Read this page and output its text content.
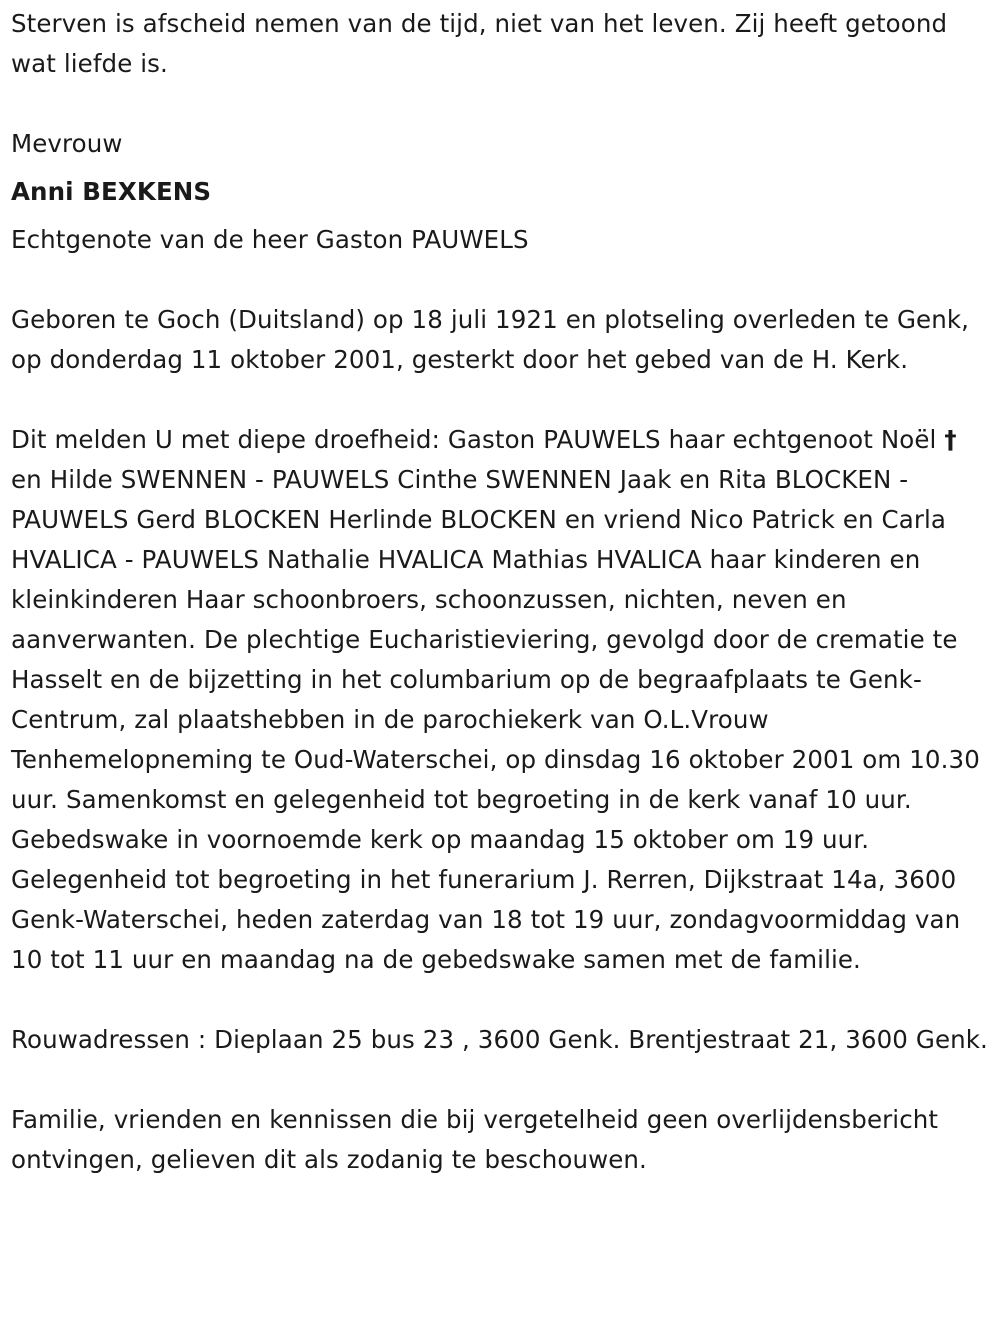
Sterven is afscheid nemen van de tijd, niet van het leven. Zij heeft getoond wat liefde is.

Mevrouw

Anni BEXKENS

Echtgenote van de heer Gaston PAUWELS

Geboren te Goch (Duitsland) op 18 juli 1921 en plotseling overleden te Genk, op donderdag 11 oktober 2001, gesterkt door het gebed van de H. Kerk.

Dit melden U met diepe droefheid: Gaston PAUWELS haar echtgenoot Noël † en Hilde SWENNEN - PAUWELS Cinthe SWENNEN Jaak en Rita BLOCKEN - PAUWELS Gerd BLOCKEN Herlinde BLOCKEN en vriend Nico Patrick en Carla HVALICA - PAUWELS Nathalie HVALICA Mathias HVALICA haar kinderen en kleinkinderen Haar schoonbroers, schoonzussen, nichten, neven en aanverwanten. De plechtige Eucharistieviering, gevolgd door de crematie te Hasselt en de bijzetting in het columbarium op de begraafplaats te Genk-Centrum, zal plaatshebben in de parochiekerk van O.L.Vrouw Tenhemelopneming te Oud-Waterschei, op dinsdag 16 oktober 2001 om 10.30 uur. Samenkomst en gelegenheid tot begroeting in de kerk vanaf 10 uur. Gebedswake in voornoemde kerk op maandag 15 oktober om 19 uur. Gelegenheid tot begroeting in het funerarium J. Rerren, Dijkstraat 14a, 3600 Genk-Waterschei, heden zaterdag van 18 tot 19 uur, zondagvoormiddag van 10 tot 11 uur en maandag na de gebedswake samen met de familie.

Rouwadressen : Dieplaan 25 bus 23 , 3600 Genk. Brentjestraat 21, 3600 Genk.

Familie, vrienden en kennissen die bij vergetelheid geen overlijdensbericht ontvingen, gelieven dit als zodanig te beschouwen.
